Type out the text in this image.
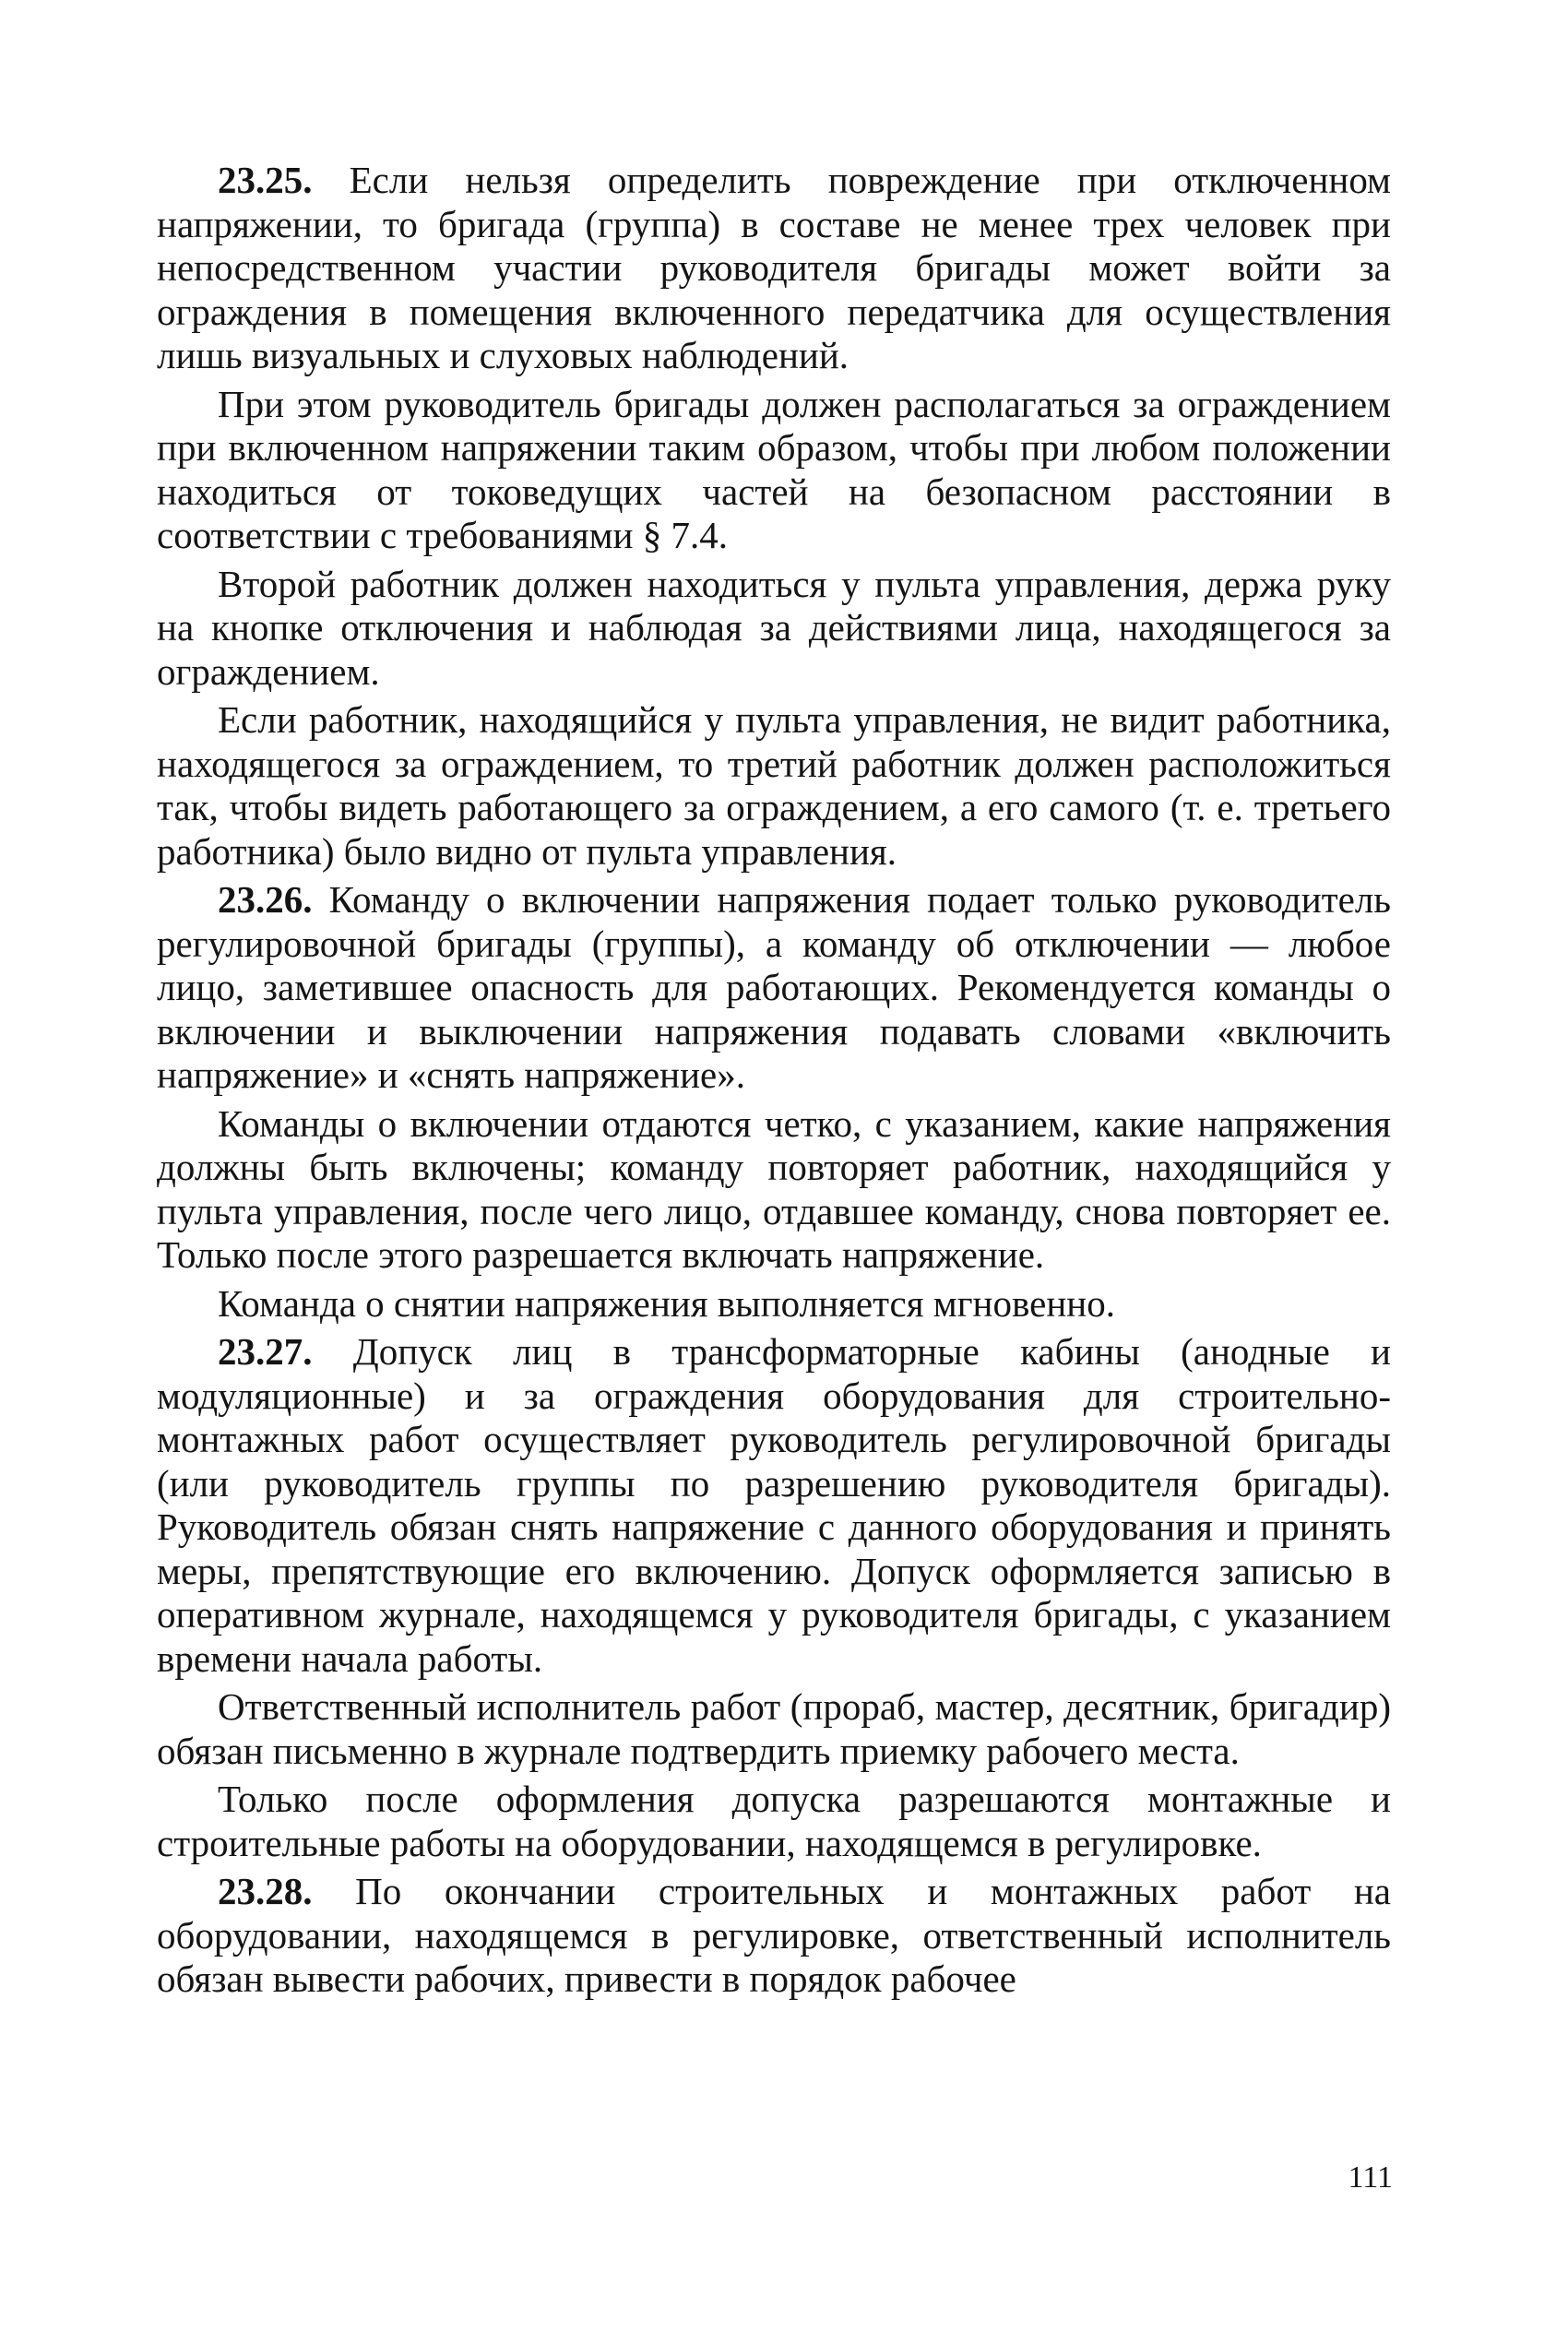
23.25. Если нельзя определить повреждение при отключенном напряжении, то бригада (группа) в составе не менее трех человек при непосредственном участии руководителя бригады может войти за ограждения в помещения включенного передатчика для осуществления лишь визуальных и слуховых наблюдений.

При этом руководитель бригады должен располагаться за ограждением при включенном напряжении таким образом, чтобы при любом положении находиться от токоведущих частей на безопасном расстоянии в соответствии с требованиями § 7.4.

Второй работник должен находиться у пульта управления, держа руку на кнопке отключения и наблюдая за действиями лица, находящегося за ограждением.

Если работник, находящийся у пульта управления, не видит работника, находящегося за ограждением, то третий работник должен расположиться так, чтобы видеть работающего за ограждением, а его самого (т. е. третьего работника) было видно от пульта управления.

23.26. Команду о включении напряжения подает только руководитель регулировочной бригады (группы), а команду об отключении — любое лицо, заметившее опасность для работающих. Рекомендуется команды о включении и выключении напряжения подавать словами «включить напряжение» и «снять напряжение».

Команды о включении отдаются четко, с указанием, какие напряжения должны быть включены; команду повторяет работник, находящийся у пульта управления, после чего лицо, отдавшее команду, снова повторяет ее. Только после этого разрешается включать напряжение.

Команда о снятии напряжения выполняется мгновенно.

23.27. Допуск лиц в трансформаторные кабины (анодные и модуляционные) и за ограждения оборудования для строительно-монтажных работ осуществляет руководитель регулировочной бригады (или руководитель группы по разрешению руководителя бригады). Руководитель обязан снять напряжение с данного оборудования и принять меры, препятствующие его включению. Допуск оформляется записью в оперативном журнале, находящемся у руководителя бригады, с указанием времени начала работы.

Ответственный исполнитель работ (прораб, мастер, десятник, бригадир) обязан письменно в журнале подтвердить приемку рабочего места.

Только после оформления допуска разрешаются монтажные и строительные работы на оборудовании, находящемся в регулировке.

23.28. По окончании строительных и монтажных работ на оборудовании, находящемся в регулировке, ответственный исполнитель обязан вывести рабочих, привести в порядок рабочее

111
